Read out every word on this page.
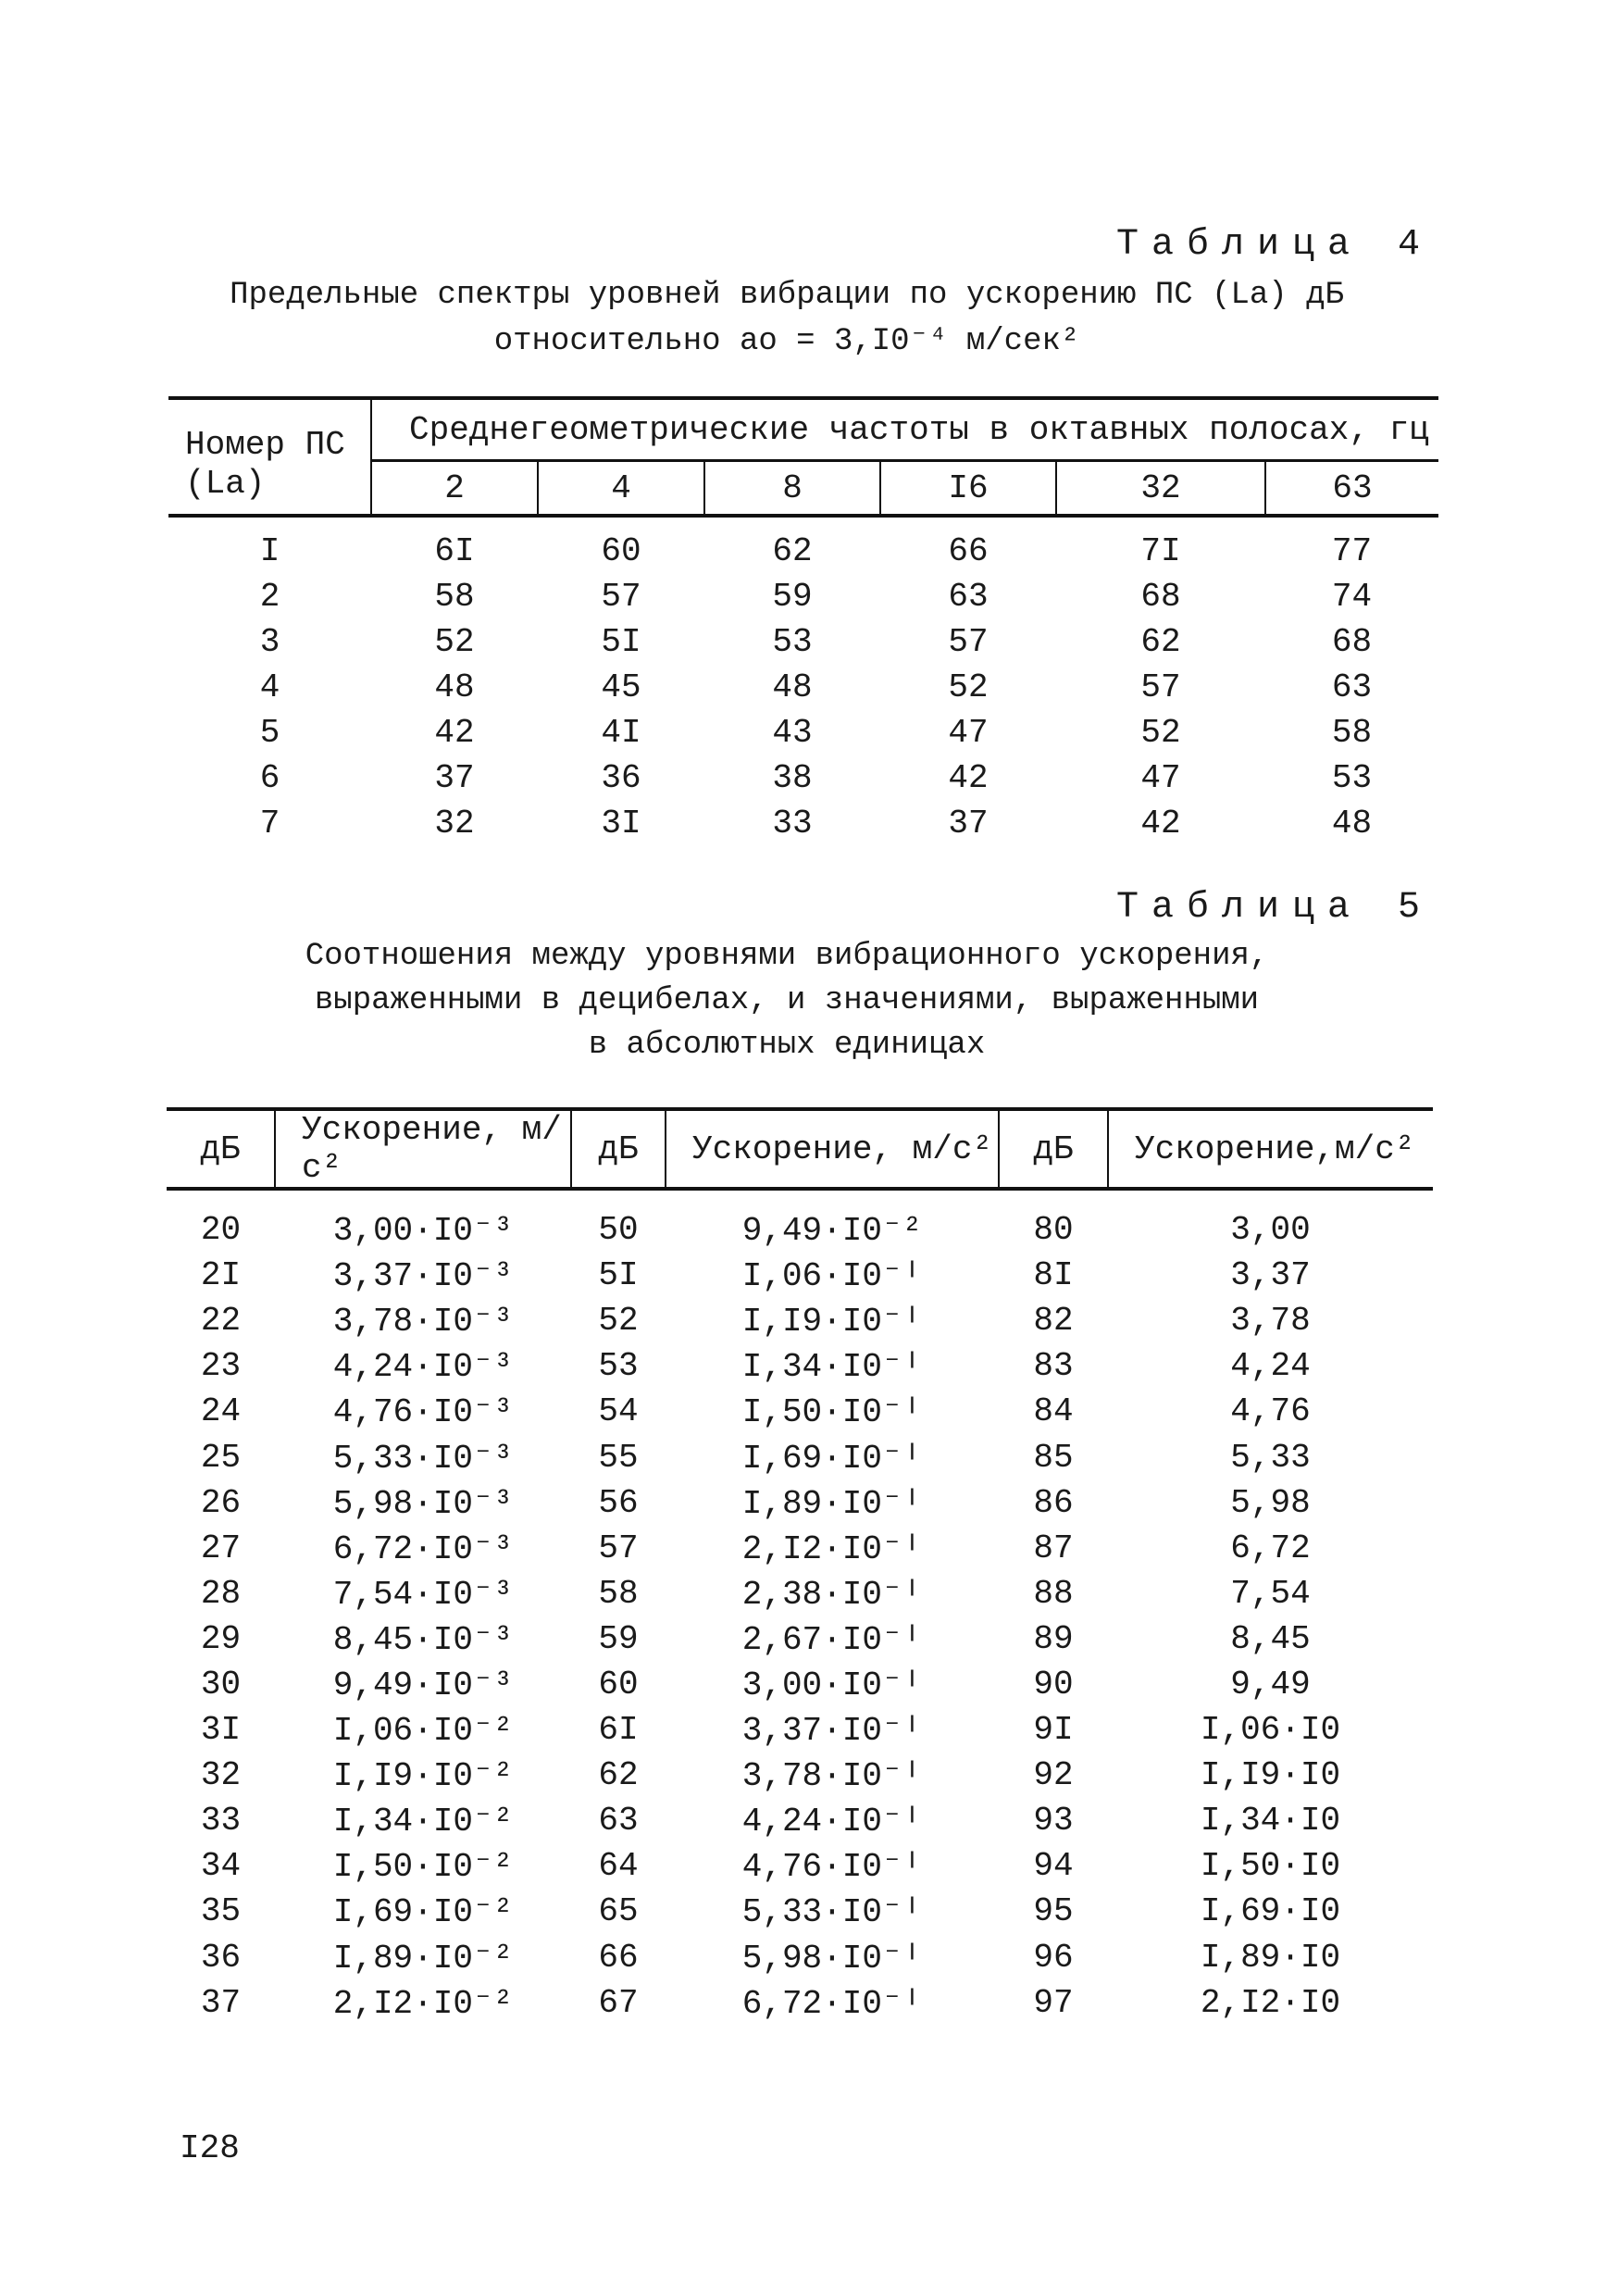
Таблица 4
Предельные спектры уровней вибрации по ускорению ПС (La) дБ
относительно aо = 3,I0⁻⁴ м/сек²
Номер ПС (La)	Среднегеометрические частоты в октавных полосах, гц					
	2	4	8	I6	32	63
I	6I	60	62	66	7I	77
2	58	57	59	63	68	74
3	52	5I	53	57	62	68
4	48	45	48	52	57	63
5	42	4I	43	47	52	58
6	37	36	38	42	47	53
7	32	3I	33	37	42	48
Таблица 5
Соотношения между уровнями вибрационного ускорения,
выраженными в децибелах, и значениями, выраженными
в абсолютных единицах
дБ	Ускорение, м/с²	дБ	Ускорение, м/с²	дБ	Ускорение,м/с²
20	3,00·I0⁻³	50	9,49·I0⁻²	80	3,00
2I	3,37·I0⁻³	5I	I,06·I0⁻ᴵ	8I	3,37
22	3,78·I0⁻³	52	I,I9·I0⁻ᴵ	82	3,78
23	4,24·I0⁻³	53	I,34·I0⁻ᴵ	83	4,24
24	4,76·I0⁻³	54	I,50·I0⁻ᴵ	84	4,76
25	5,33·I0⁻³	55	I,69·I0⁻ᴵ	85	5,33
26	5,98·I0⁻³	56	I,89·I0⁻ᴵ	86	5,98
27	6,72·I0⁻³	57	2,I2·I0⁻ᴵ	87	6,72
28	7,54·I0⁻³	58	2,38·I0⁻ᴵ	88	7,54
29	8,45·I0⁻³	59	2,67·I0⁻ᴵ	89	8,45
30	9,49·I0⁻³	60	3,00·I0⁻ᴵ	90	9,49
3I	I,06·I0⁻²	6I	3,37·I0⁻ᴵ	9I	I,06·I0
32	I,I9·I0⁻²	62	3,78·I0⁻ᴵ	92	I,I9·I0
33	I,34·I0⁻²	63	4,24·I0⁻ᴵ	93	I,34·I0
34	I,50·I0⁻²	64	4,76·I0⁻ᴵ	94	I,50·I0
35	I,69·I0⁻²	65	5,33·I0⁻ᴵ	95	I,69·I0
36	I,89·I0⁻²	66	5,98·I0⁻ᴵ	96	I,89·I0
37	2,I2·I0⁻²	67	6,72·I0⁻ᴵ	97	2,I2·I0
I28
